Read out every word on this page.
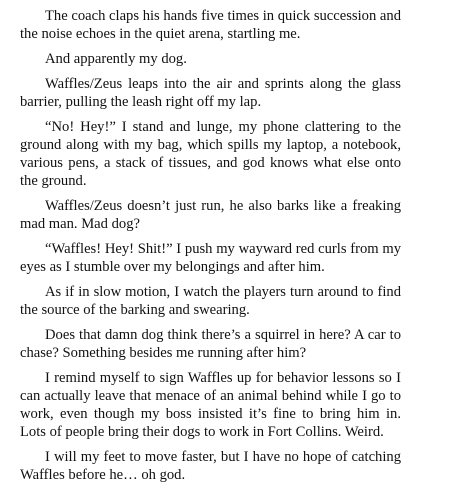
The coach claps his hands five times in quick succession and the noise echoes in the quiet arena, startling me.

And apparently my dog.

Waffles/Zeus leaps into the air and sprints along the glass barrier, pulling the leash right off my lap.

“No! Hey!” I stand and lunge, my phone clattering to the ground along with my bag, which spills my laptop, a notebook, various pens, a stack of tissues, and god knows what else onto the ground.

Waffles/Zeus doesn’t just run, he also barks like a freaking mad man. Mad dog?

“Waffles! Hey! Shit!” I push my wayward red curls from my eyes as I stumble over my belongings and after him.

As if in slow motion, I watch the players turn around to find the source of the barking and swearing.

Does that damn dog think there’s a squirrel in here? A car to chase? Something besides me running after him?

I remind myself to sign Waffles up for behavior lessons so I can actually leave that menace of an animal behind while I go to work, even though my boss insisted it’s fine to bring him in. Lots of people bring their dogs to work in Fort Collins. Weird.

I will my feet to move faster, but I have no hope of catching Waffles before he… oh god.
